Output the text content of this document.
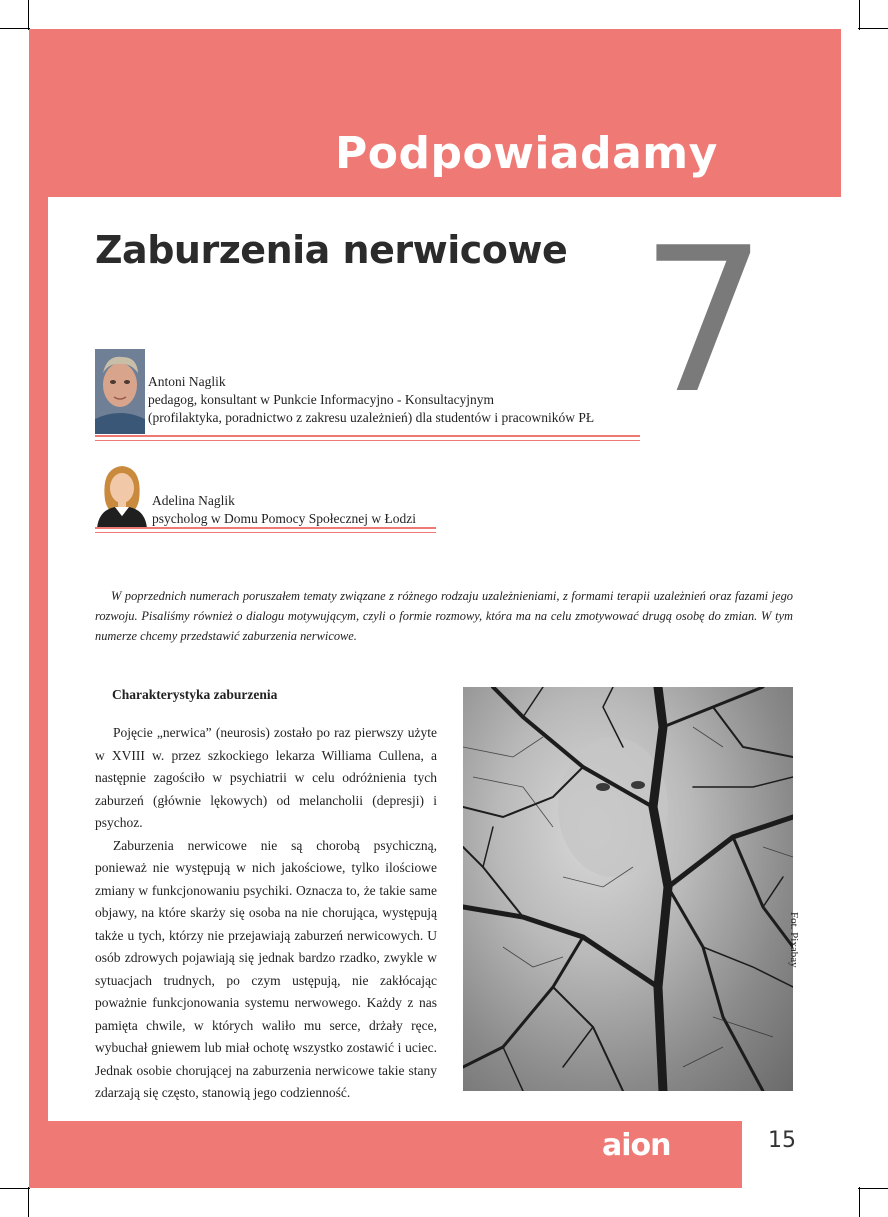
Podpowiadamy
7
Zaburzenia nerwicowe
Antoni Naglik
pedagog, konsultant w Punkcie Informacyjno - Konsultacyjnym
(profilaktyka, poradnictwo z zakresu uzależnień) dla studentów i pracowników PŁ
Adelina Naglik
psycholog w Domu Pomocy Społecznej w Łodzi

W poprzednich numerach poruszałem tematy związane z różnego rodzaju uzależnieniami, z formami terapii uzależnień oraz fazami jego rozwoju. Pisaliśmy również o dialogu motywującym, czyli o formie rozmowy, która ma na celu zmotywować drugą osobę do zmian. W tym numerze chcemy przedstawić zaburzenia nerwicowe.

Charakterystyka zaburzenia

Pojęcie „nerwica” (neurosis) zostało po raz pierwszy użyte w XVIII w. przez szkockiego lekarza Williama Cullena, a następnie zagościło w psychiatrii w celu odróżnienia tych zaburzeń (głównie lękowych) od melancholii (depresji) i psychoz.

Zaburzenia nerwicowe nie są chorobą psychiczną, ponieważ nie występują w nich jakościowe, tylko ilościowe zmiany w funkcjonowaniu psychiki. Oznacza to, że takie same objawy, na które skarży się osoba na nie chorująca, występują także u tych, którzy nie przejawiają zaburzeń nerwicowych. U osób zdrowych pojawiają się jednak bardzo rzadko, zwykle w sytuacjach trudnych, po czym ustępują, nie zakłócając poważnie funkcjonowania systemu nerwowego. Każdy z nas pamięta chwile, w których waliło mu serce, drżały ręce, wybuchał gniewem lub miał ochotę wszystko zostawić i uciec. Jednak osobie chorującej na zaburzenia nerwicowe takie stany zdarzają się często, stanowią jego codzienność.

Fot. Pixabay
aion	15
